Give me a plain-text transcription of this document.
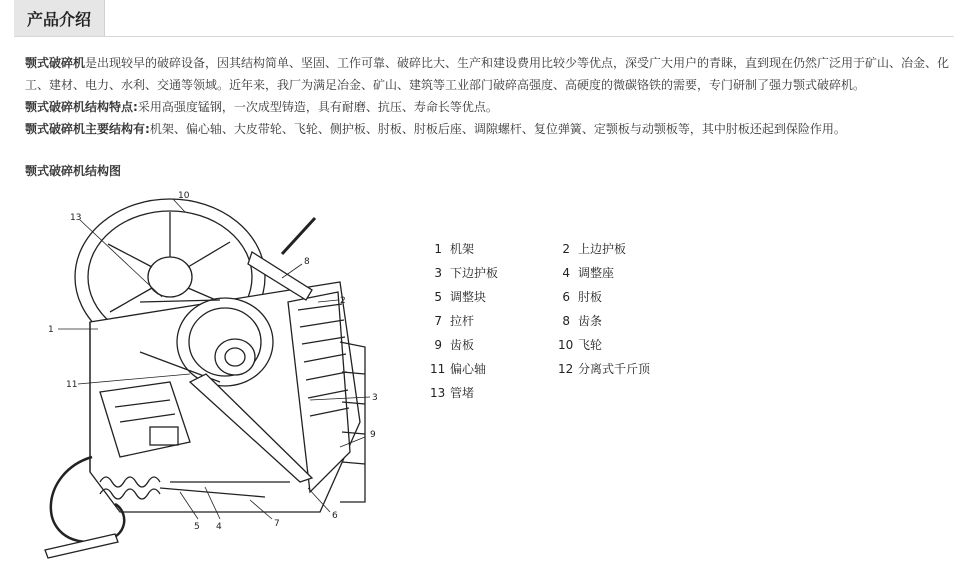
产品介绍

颚式破碎机是出现较早的破碎设备，因其结构简单、坚固、工作可靠、破碎比大、生产和建设费用比较少等优点，深受广大用户的青睐，直到现在仍然广泛用于矿山、冶金、化工、建材、电力、水利、交通等领域。近年来，我厂为满足冶金、矿山、建筑等工业部门破碎高强度、高硬度的微碳铬铁的需要，专门研制了强力颚式破碎机。

颚式破碎机结构特点:采用高强度锰钢，一次成型铸造，具有耐磨、抗压、寿命长等优点。

颚式破碎机主要结构有:机架、偏心轴、大皮带轮、飞轮、侧护板、肘板、肘板后座、调隙螺杆、复位弹簧、定颚板与动颚板等，其中肘板还起到保险作用。

颚式破碎机结构图
1
2
3
4
5
6
7
8
9
10
11
13
1 机架	2 上边护板
3 下边护板	4 调整座
5 调整块	6 肘板
7 拉杆	8 齿条
9 齿板	10 飞轮
11 偏心轴	12 分离式千斤顶
13 管堵
